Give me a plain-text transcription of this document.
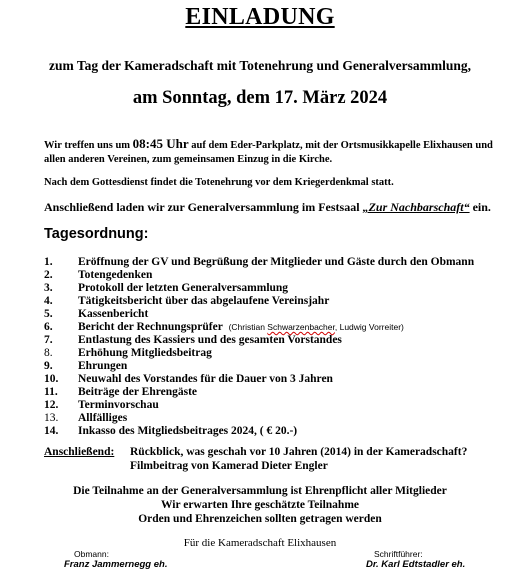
EINLADUNG
zum Tag der Kameradschaft mit Totenehrung und Generalversammlung,
am Sonntag, dem 17. März 2024
Wir treffen uns um 08:45 Uhr auf dem Eder-Parkplatz, mit der Ortsmusikkapelle Elixhausen und allen anderen Vereinen, zum gemeinsamen Einzug in die Kirche.
Nach dem Gottesdienst findet die Totenehrung vor dem Kriegerdenkmal statt.
Anschließend laden wir zur Generalversammlung im Festsaal „Zur Nachbarschaft“ ein.
Tagesordnung:
1. Eröffnung der GV und Begrüßung der Mitglieder und Gäste durch den Obmann
2. Totengedenken
3. Protokoll der letzten Generalversammlung
4. Tätigkeitsbericht über das abgelaufene Vereinsjahr
5. Kassenbericht
6. Bericht der Rechnungsprüfer (Christian Schwarzenbacher, Ludwig Vorreiter)
7. Entlastung des Kassiers und des gesamten Vorstandes
8. Erhöhung Mitgliedsbeitrag
9. Ehrungen
10. Neuwahl des Vorstandes für die Dauer von 3 Jahren
11. Beiträge der Ehrengäste
12. Terminvorschau
13. Allfälliges
14. Inkasso des Mitgliedsbeitrages 2024, ( € 20.-)
Anschließend: Rückblick, was geschah vor 10 Jahren (2014) in der Kameradschaft?
Filmbeitrag von Kamerad Dieter Engler
Die Teilnahme an der Generalversammlung ist Ehrenpflicht aller Mitglieder
Wir erwarten Ihre geschätzte Teilnahme
Orden und Ehrenzeichen sollten getragen werden
Für die Kameradschaft Elixhausen
Obmann:	Schriftführer:
Franz Jammernegg eh.	Dr. Karl Edtstadler eh.
